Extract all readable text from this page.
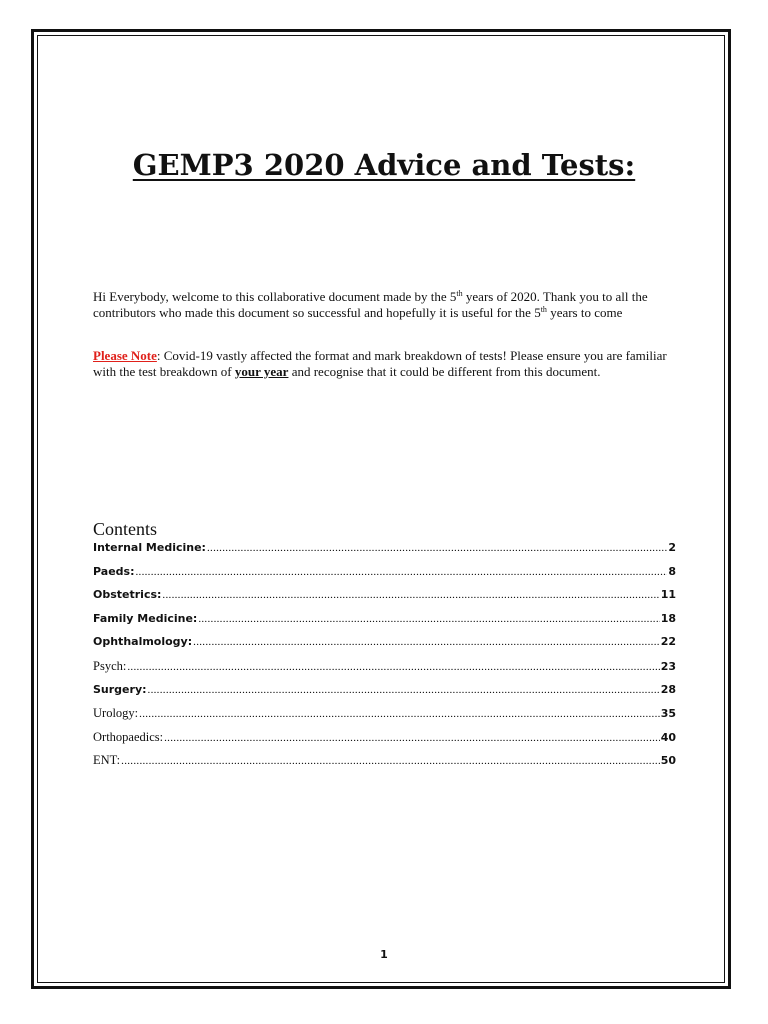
GEMP3 2020 Advice and Tests:
Hi Everybody, welcome to this collaborative document made by the 5th years of 2020. Thank you to all the contributors who made this document so successful and hopefully it is useful for the 5th years to come
Please Note: Covid-19 vastly affected the format and mark breakdown of tests! Please ensure you are familiar with the test breakdown of your year and recognise that it could be different from this document.
Contents
Internal Medicine: .....	2
Paeds: .....	8
Obstetrics: .....	11
Family Medicine: .....	18
Ophthalmology: .....	22
Psych: .....	23
Surgery: .....	28
Urology: .....	35
Orthopaedics: .....	40
ENT: .....	50
1
